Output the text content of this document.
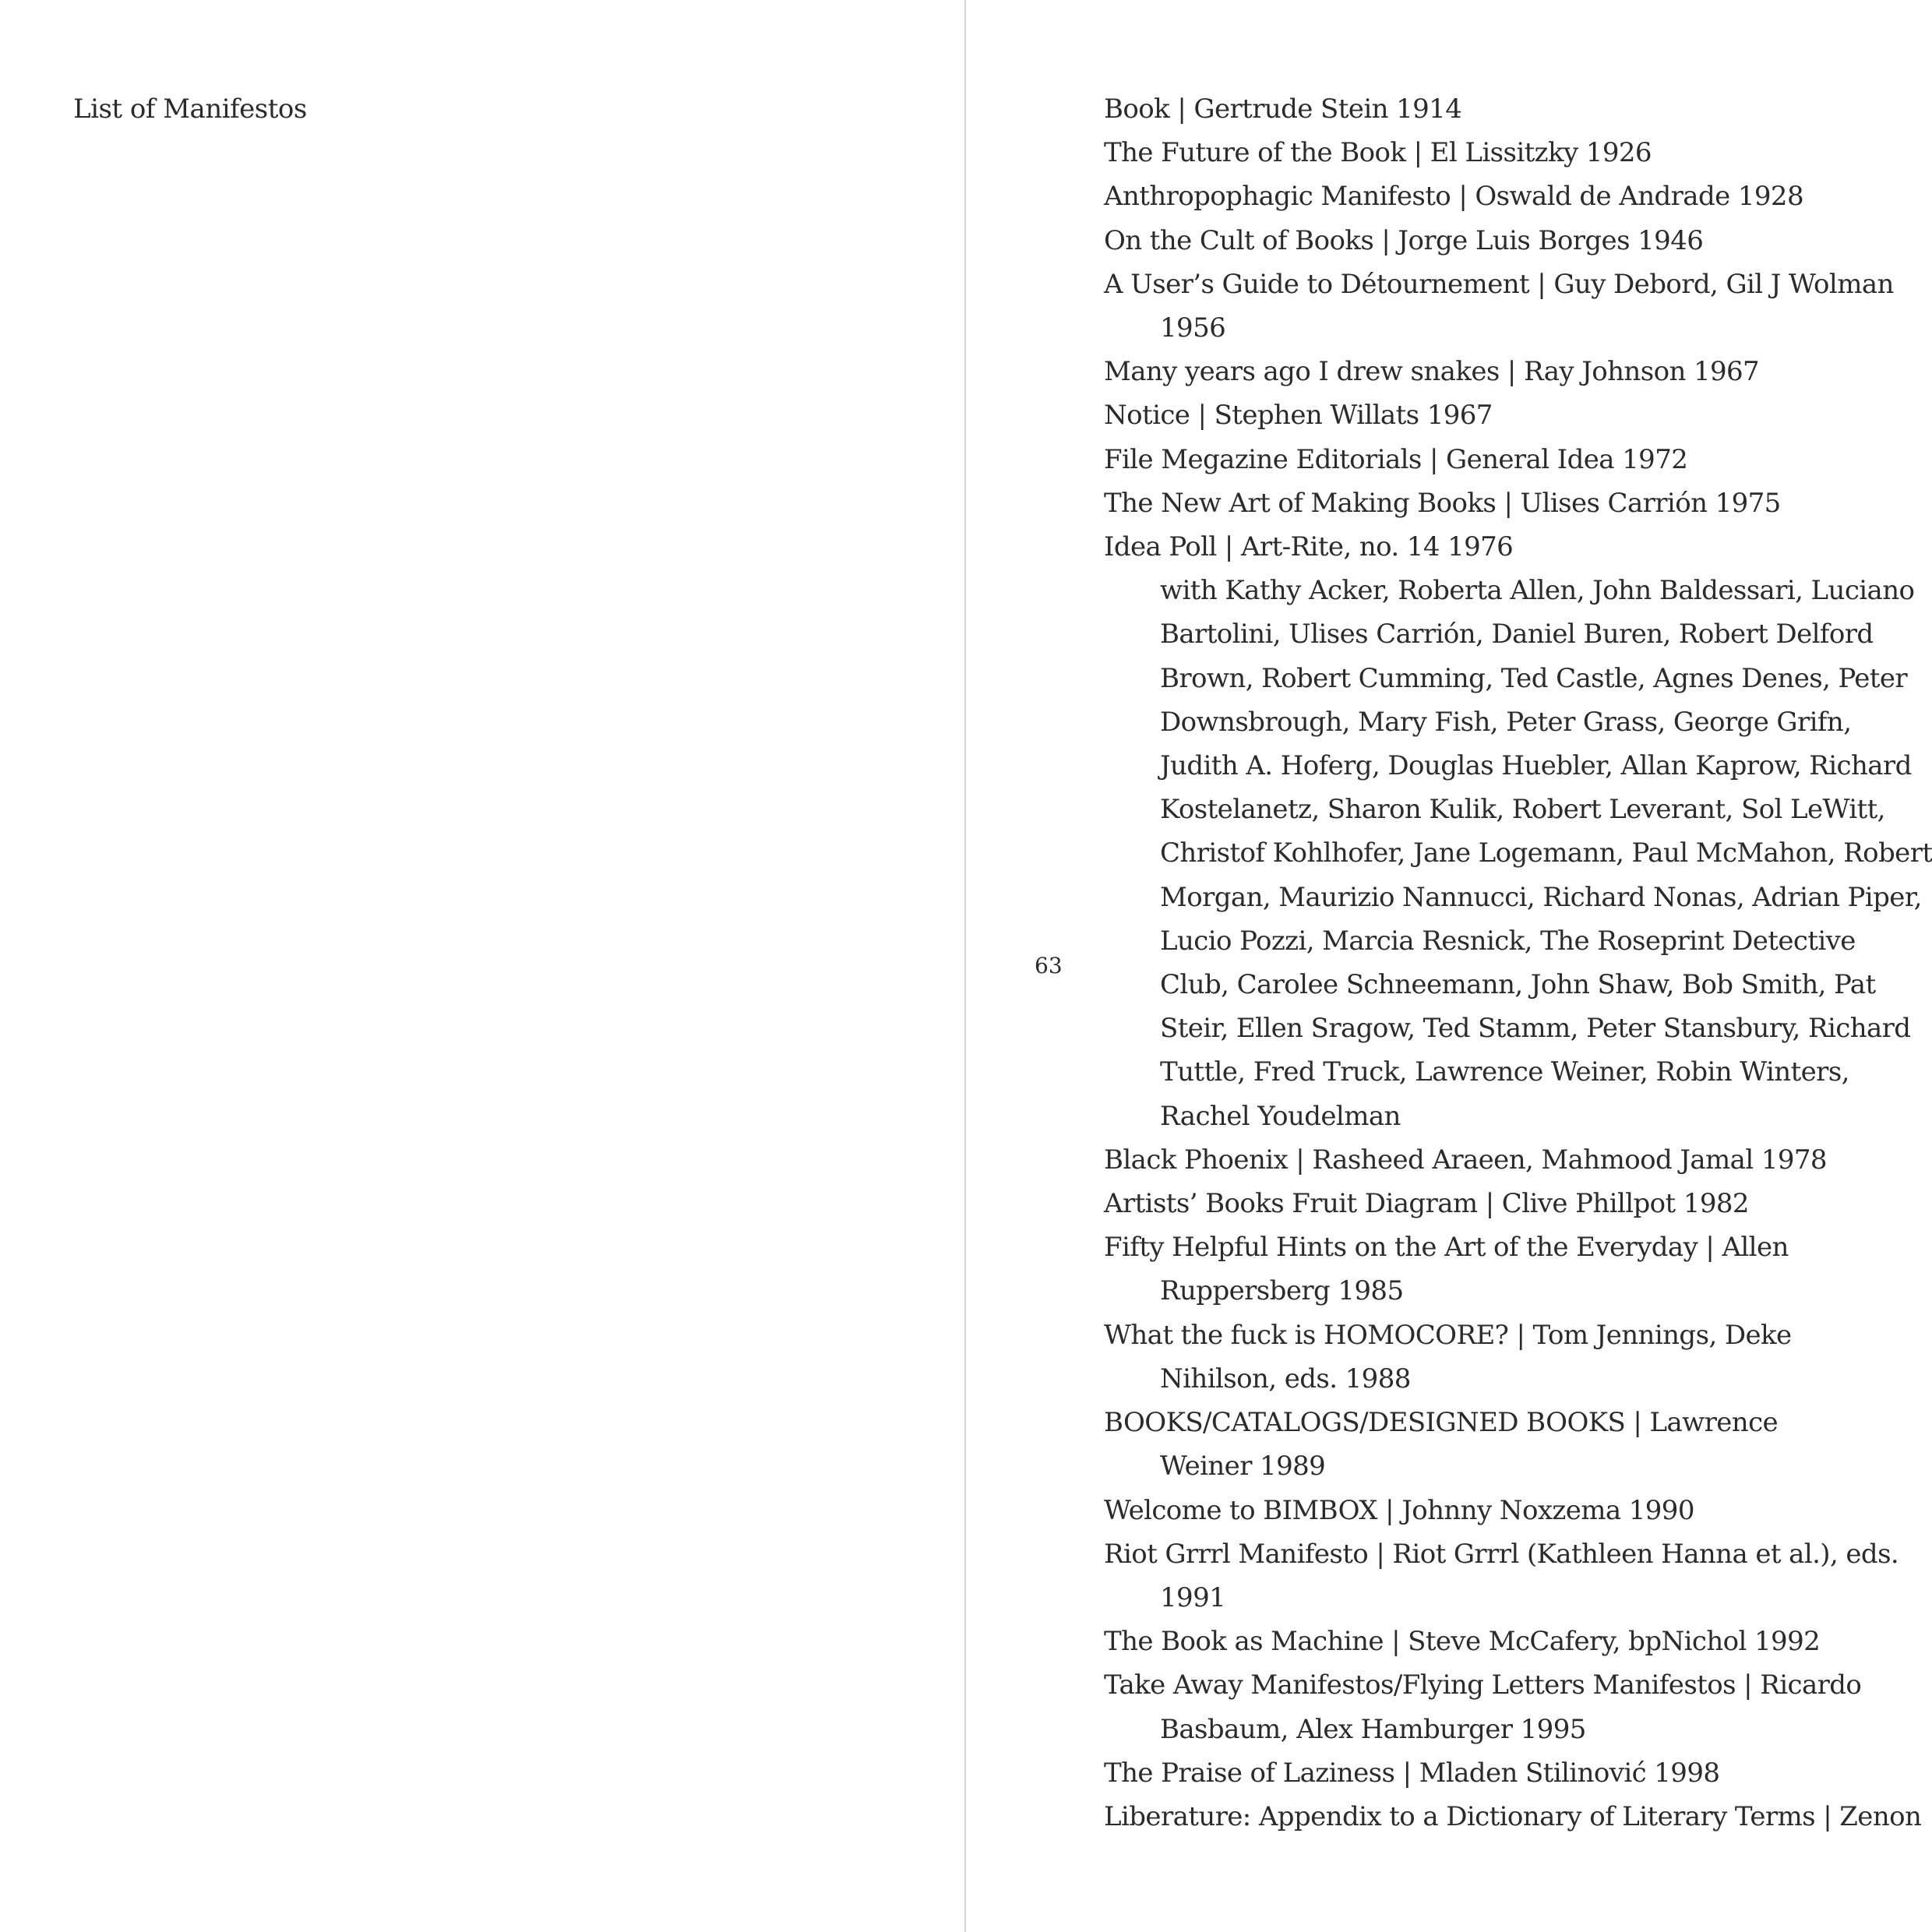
List of Manifestos
63
Book | Gertrude Stein 1914
The Future of the Book | El Lissitzky 1926
Anthropophagic Manifesto | Oswald de Andrade 1928
On the Cult of Books | Jorge Luis Borges 1946
A User’s Guide to Détournement | Guy Debord, Gil J Wolman
1956
Many years ago I drew snakes | Ray Johnson 1967
Notice | Stephen Willats 1967
File Megazine Editorials | General Idea 1972
The New Art of Making Books | Ulises Carrión 1975
Idea Poll | Art-Rite, no. 14 1976
with Kathy Acker, Roberta Allen, John Baldessari, Luciano
Bartolini, Ulises Carrión, Daniel Buren, Robert Delford
Brown, Robert Cumming, Ted Castle, Agnes Denes, Peter
Downsbrough, Mary Fish, Peter Grass, George Grifn,
Judith A. Hoferg, Douglas Huebler, Allan Kaprow, Richard
Kostelanetz, Sharon Kulik, Robert Leverant, Sol LeWitt,
Christof Kohlhofer, Jane Logemann, Paul McMahon, Robert
Morgan, Maurizio Nannucci, Richard Nonas, Adrian Piper,
Lucio Pozzi, Marcia Resnick, The Roseprint Detective
Club, Carolee Schneemann, John Shaw, Bob Smith, Pat
Steir, Ellen Sragow, Ted Stamm, Peter Stansbury, Richard
Tuttle, Fred Truck, Lawrence Weiner, Robin Winters,
Rachel Youdelman
Black Phoenix | Rasheed Araeen, Mahmood Jamal 1978
Artists’ Books Fruit Diagram | Clive Phillpot 1982
Fifty Helpful Hints on the Art of the Everyday | Allen
Ruppersberg 1985
What the fuck is HOMOCORE? | Tom Jennings, Deke
Nihilson, eds. 1988
BOOKS/CATALOGS/DESIGNED BOOKS | Lawrence
Weiner 1989
Welcome to BIMBOX | Johnny Noxzema 1990
Riot Grrrl Manifesto | Riot Grrrl (Kathleen Hanna et al.), eds.
1991
The Book as Machine | Steve McCafery, bpNichol 1992
Take Away Manifestos/Flying Letters Manifestos | Ricardo
Basbaum, Alex Hamburger 1995
The Praise of Laziness | Mladen Stilinović 1998
Liberature: Appendix to a Dictionary of Literary Terms | Zenon
